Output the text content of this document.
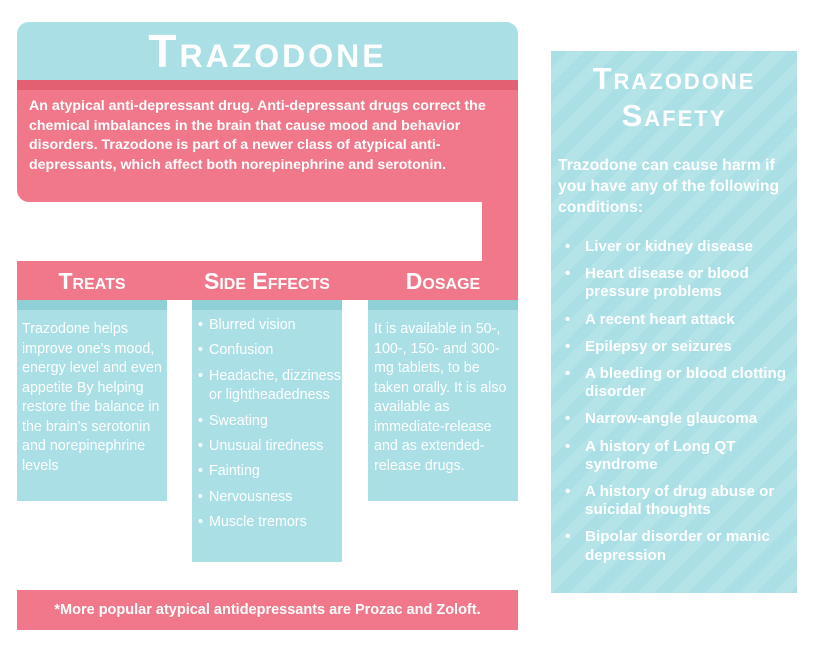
Trazodone
An atypical anti-depressant drug. Anti-depressant drugs correct the chemical imbalances in the brain that cause mood and behavior disorders. Trazodone is part of a newer class of atypical anti-depressants, which affect both norepinephrine and serotonin.
Treats	Side Effects	Dosage
Trazodone helps improve one's mood, energy level and even appetite By helping restore the balance in the brain's serotonin and norepinephrine levels
• Blurred vision
• Confusion
• Headache, dizziness or lightheadedness
• Sweating
• Unusual tiredness
• Fainting
• Nervousness
• Muscle tremors
It is available in 50-, 100-, 150- and 300-mg tablets, to be taken orally. It is also available as immediate-release and as extended-release drugs.
*More popular atypical antidepressants are Prozac and Zoloft.
Trazodone
Safety
Trazodone can cause harm if you have any of the following conditions:
• Liver or kidney disease
• Heart disease or blood pressure problems
• A recent heart attack
• Epilepsy or seizures
• A bleeding or blood clotting disorder
• Narrow-angle glaucoma
• A history of Long QT syndrome
• A history of drug abuse or suicidal thoughts
• Bipolar disorder or manic depression
